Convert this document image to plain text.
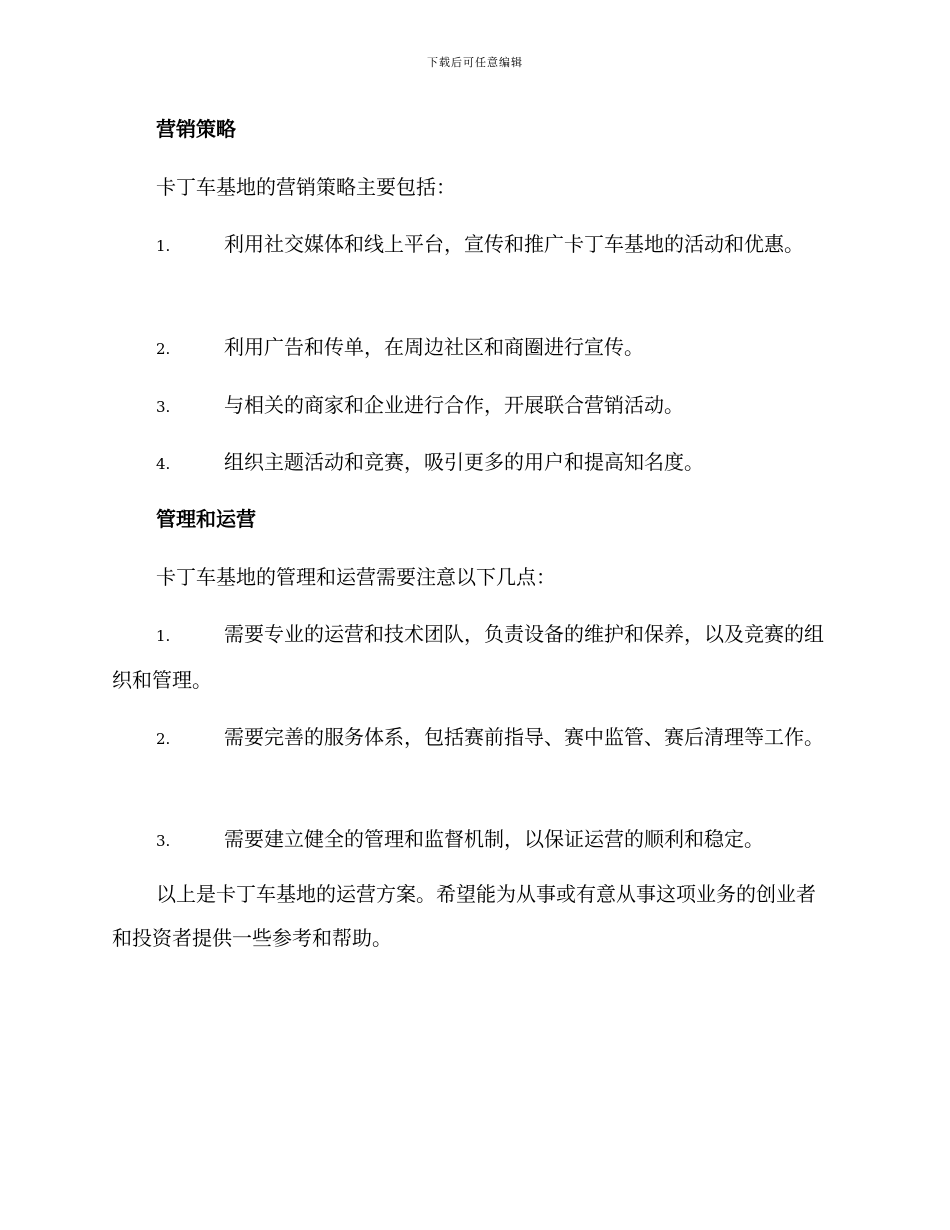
下载后可任意编辑
营销策略
卡丁车基地的营销策略主要包括：
1.	利用社交媒体和线上平台，宣传和推广卡丁车基地的活动和优惠。
2.	利用广告和传单，在周边社区和商圈进行宣传。
3.	与相关的商家和企业进行合作，开展联合营销活动。
4.	组织主题活动和竞赛，吸引更多的用户和提高知名度。
管理和运营
卡丁车基地的管理和运营需要注意以下几点：
1.	需要专业的运营和技术团队，负责设备的维护和保养，以及竞赛的组织和管理。
2.	需要完善的服务体系，包括赛前指导、赛中监管、赛后清理等工作。
3.	需要建立健全的管理和监督机制，以保证运营的顺利和稳定。
以上是卡丁车基地的运营方案。希望能为从事或有意从事这项业务的创业者和投资者提供一些参考和帮助。
